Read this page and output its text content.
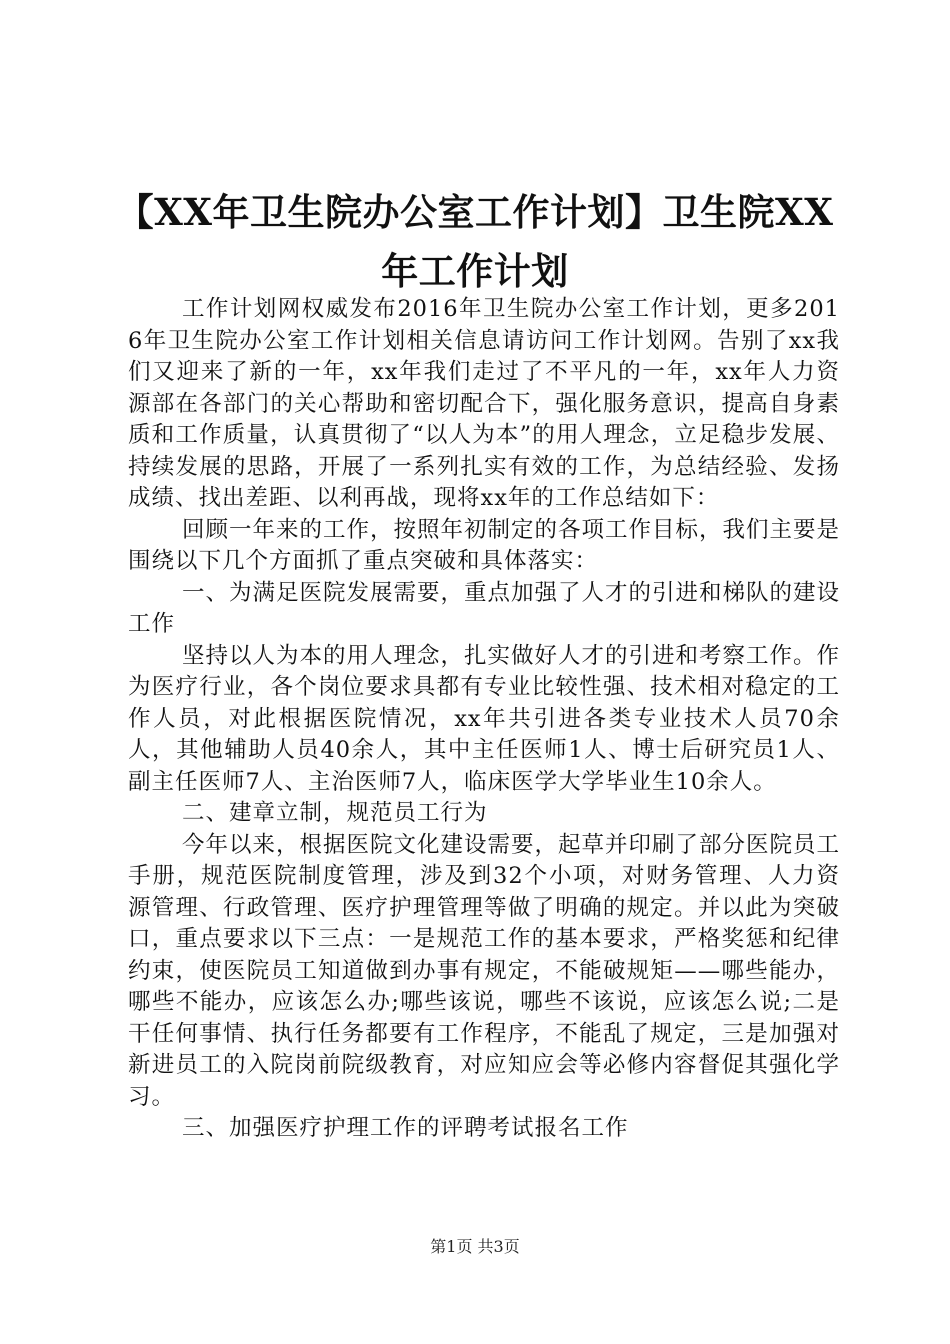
【XX年卫生院办公室工作计划】卫生院XX年工作计划

工作计划网权威发布2016年卫生院办公室工作计划，更多2016年卫生院办公室工作计划相关信息请访问工作计划网。告别了xx我们又迎来了新的一年，xx年我们走过了不平凡的一年，xx年人力资源部在各部门的关心帮助和密切配合下，强化服务意识，提高自身素质和工作质量，认真贯彻了“以人为本”的用人理念，立足稳步发展、持续发展的思路，开展了一系列扎实有效的工作，为总结经验、发扬成绩、找出差距、以利再战，现将xx年的工作总结如下：

回顾一年来的工作，按照年初制定的各项工作目标，我们主要是围绕以下几个方面抓了重点突破和具体落实：

一、为满足医院发展需要，重点加强了人才的引进和梯队的建设工作

坚持以人为本的用人理念，扎实做好人才的引进和考察工作。作为医疗行业，各个岗位要求具都有专业比较性强、技术相对稳定的工作人员，对此根据医院情况，xx年共引进各类专业技术人员70余人，其他辅助人员40余人，其中主任医师1人、博士后研究员1人、副主任医师7人、主治医师7人，临床医学大学毕业生10余人。

二、建章立制，规范员工行为

今年以来，根据医院文化建设需要，起草并印刷了部分医院员工手册，规范医院制度管理，涉及到32个小项，对财务管理、人力资源管理、行政管理、医疗护理管理等做了明确的规定。并以此为突破口，重点要求以下三点：一是规范工作的基本要求，严格奖惩和纪律约束，使医院员工知道做到办事有规定，不能破规矩——哪些能办，哪些不能办，应该怎么办;哪些该说，哪些不该说，应该怎么说;二是干任何事情、执行任务都要有工作程序，不能乱了规定，三是加强对新进员工的入院岗前院级教育，对应知应会等必修内容督促其强化学习。

三、加强医疗护理工作的评聘考试报名工作

第1页 共3页
